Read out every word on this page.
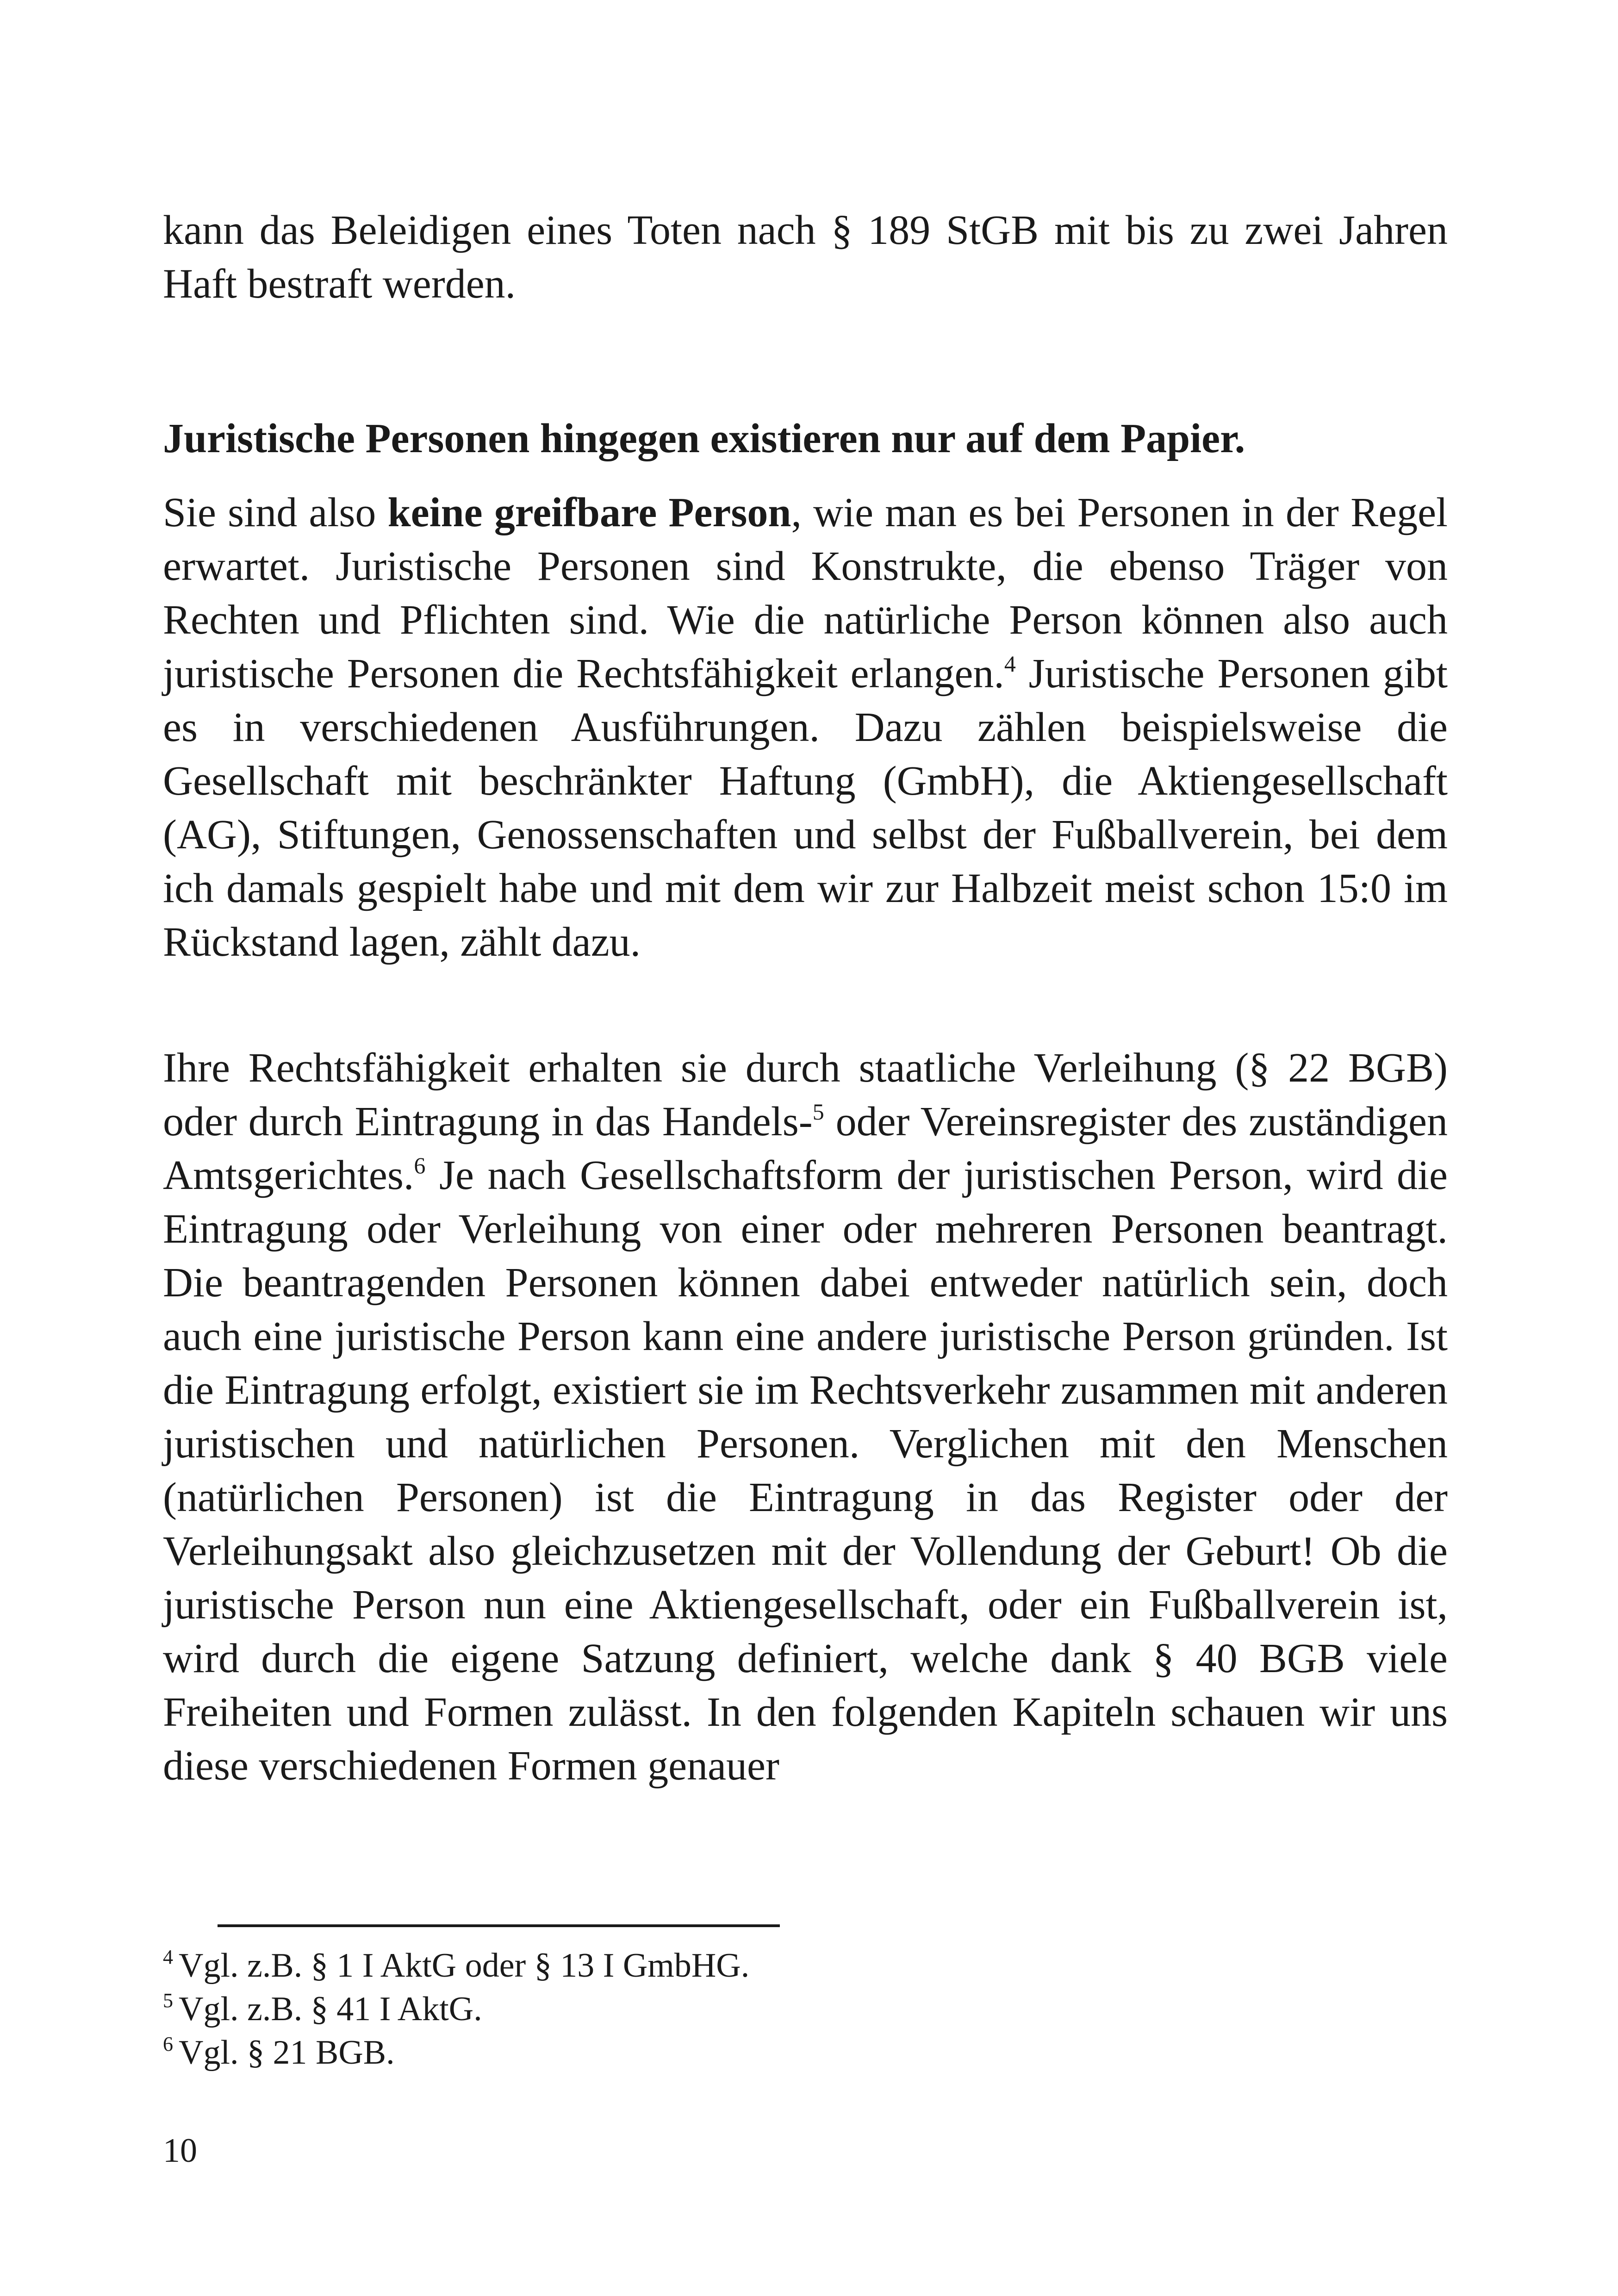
kann das Beleidigen eines Toten nach § 189 StGB mit bis zu zwei Jahren Haft bestraft werden.

Juristische Personen hingegen existieren nur auf dem Papier.

Sie sind also keine greifbare Person, wie man es bei Personen in der Regel erwartet. Juristische Personen sind Konstrukte, die ebenso Träger von Rechten und Pflichten sind. Wie die natürliche Person können also auch juristische Personen die Rechtsfähigkeit erlangen.$^4$ Juristische Personen gibt es in verschiedenen Ausführungen. Dazu zählen beispielsweise die Gesellschaft mit beschränkter Haftung (GmbH), die Aktiengesellschaft (AG), Stiftungen, Genossenschaften und selbst der Fußballverein, bei dem ich damals gespielt habe und mit dem wir zur Halbzeit meist schon 15:0 im Rückstand lagen, zählt dazu.

Ihre Rechtsfähigkeit erhalten sie durch staatliche Verleihung (§ 22 BGB) oder durch Eintragung in das Handels-$^5$ oder Vereinsregister des zuständigen Amtsgerichtes.$^6$ Je nach Gesellschaftsform der juristischen Person, wird die Eintragung oder Verleihung von einer oder mehreren Personen beantragt. Die beantragenden Personen können dabei entweder natürlich sein, doch auch eine juristische Person kann eine andere juristische Person gründen. Ist die Eintragung erfolgt, existiert sie im Rechtsverkehr zusammen mit anderen juristischen und natürlichen Personen. Verglichen mit den Menschen (natürlichen Personen) ist die Eintragung in das Register oder der Verleihungsakt also gleichzusetzen mit der Vollendung der Geburt! Ob die juristische Person nun eine Aktiengesellschaft, oder ein Fußballverein ist, wird durch die eigene Satzung definiert, welche dank § 40 BGB viele Freiheiten und Formen zulässt. In den folgenden Kapiteln schauen wir uns diese verschiedenen Formen genauer

$^4$ Vgl. z.B. § 1 I AktG oder § 13 I GmbHG.

$^5$ Vgl. z.B. § 41 I AktG.

$^6$ Vgl. § 21 BGB.

10
